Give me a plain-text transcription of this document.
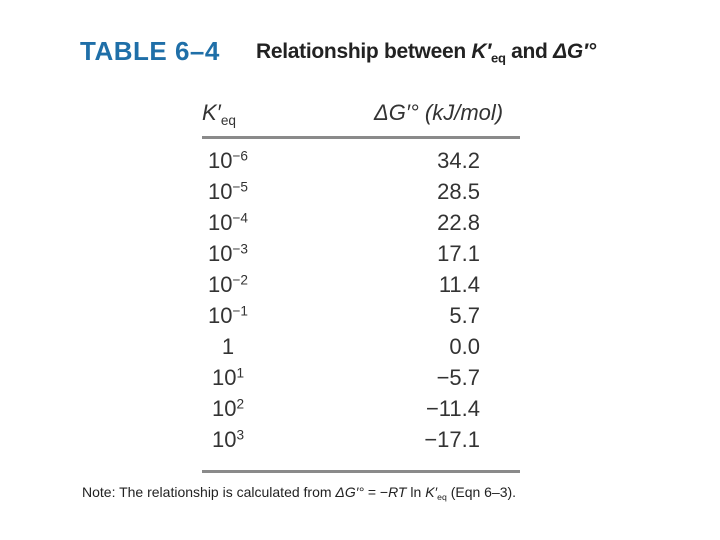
TABLE 6–4 Relationship between $K'_{eq}$ and ΔG′°
$K'_{eq}$	ΔG′° (kJ/mol)
$10^{-6}$	34.2
$10^{-5}$	28.5
$10^{-4}$	22.8
$10^{-3}$	17.1
$10^{-2}$	11.4
$10^{-1}$	5.7
1	0.0
$10^1$	−5.7
$10^2$	−11.4
$10^3$	−17.1
Note: The relationship is calculated from ΔG′° = −RT $\ln K'_{eq}$ (Eqn 6–3).
